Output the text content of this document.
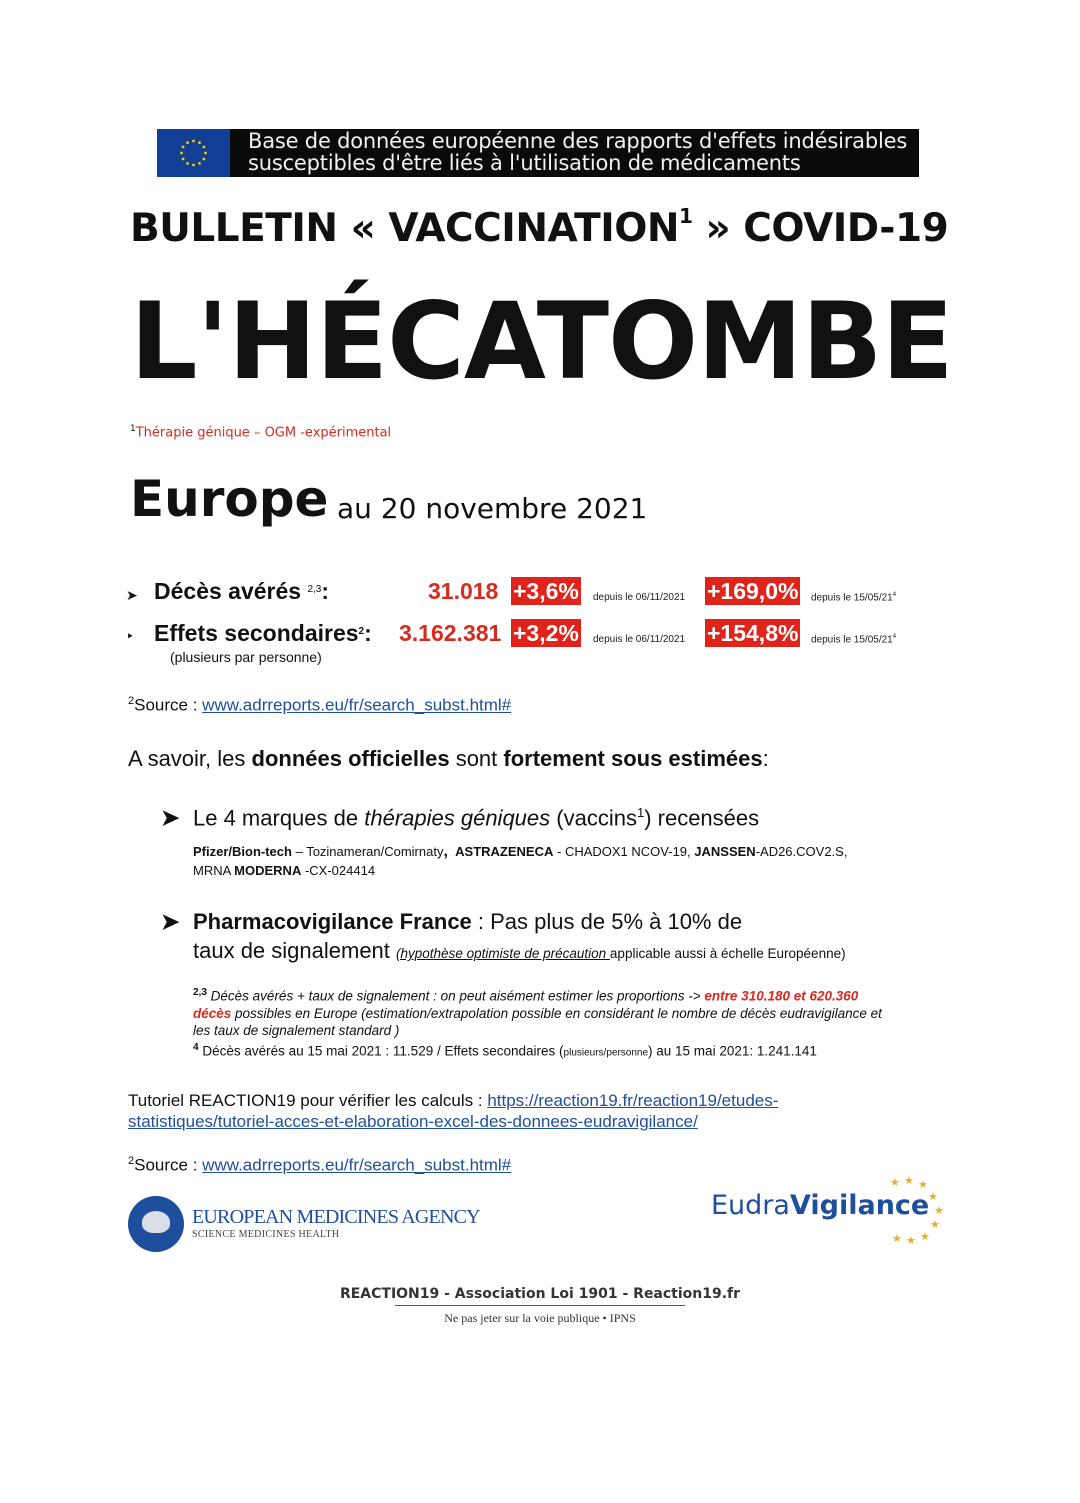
Base de données européenne des rapports d'effets indésirables
susceptibles d'être liés à l'utilisation de médicaments
BULLETIN « VACCINATION$^1$ » COVID-19
L'HÉCATOMBE
$^1$Thérapie génique – OGM -expérimental
Europe au 20 novembre 2021
➤ Décès avérés $^{2,3}$:	31.018 +3,6% depuis le 06/11/2021 +169,0% depuis le $15/05/21^4$
‣ Effets secondaires$^2$: 3.162.381 +3,2% depuis le 06/11/2021 +154,8% depuis le $15/05/21^4$
(plusieurs par personne)
$^2$Source : www.adrreports.eu/fr/search_subst.html#
A savoir, les données officielles sont fortement sous estimées:
➤ Le 4 marques de thérapies géniques (vaccins$^1$) recensées
Pfizer/Bion-tech – Tozinameran/Comirnaty, ASTRAZENECA - CHADOX1 NCOV-19, JANSSEN-AD26.COV2.S,
MRNA MODERNA -CX-024414
➤ Pharmacovigilance France : Pas plus de 5% à 10% de
taux de signalement (hypothèse optimiste de précaution applicable aussi à échelle Européenne)
$^{2,3}$ Décès avérés + taux de signalement : on peut aisément estimer les proportions -> entre 310.180 et 620.360
décès possibles en Europe (estimation/extrapolation possible en considérant le nombre de décès eudravigilance et
les taux de signalement standard )
$^4$ Décès avérés au 15 mai 2021 : 11.529 / Effets secondaires (plusieurs/personne) au 15 mai 2021: 1.241.141
Tutoriel REACTION19 pour vérifier les calculs : https://reaction19.fr/reaction19/etudes-
statistiques/tutoriel-acces-et-elaboration-excel-des-donnees-eudravigilance/
$^2$Source : www.adrreports.eu/fr/search_subst.html#
EUROPEAN MEDICINES AGENCY
SCIENCE MEDICINES HEALTH
EudraVigilance
★ ★ ★
★
★
★
★
★
★
REACTION19 - Association Loi 1901 - Reaction19.fr
Ne pas jeter sur la voie publique • IPNS
